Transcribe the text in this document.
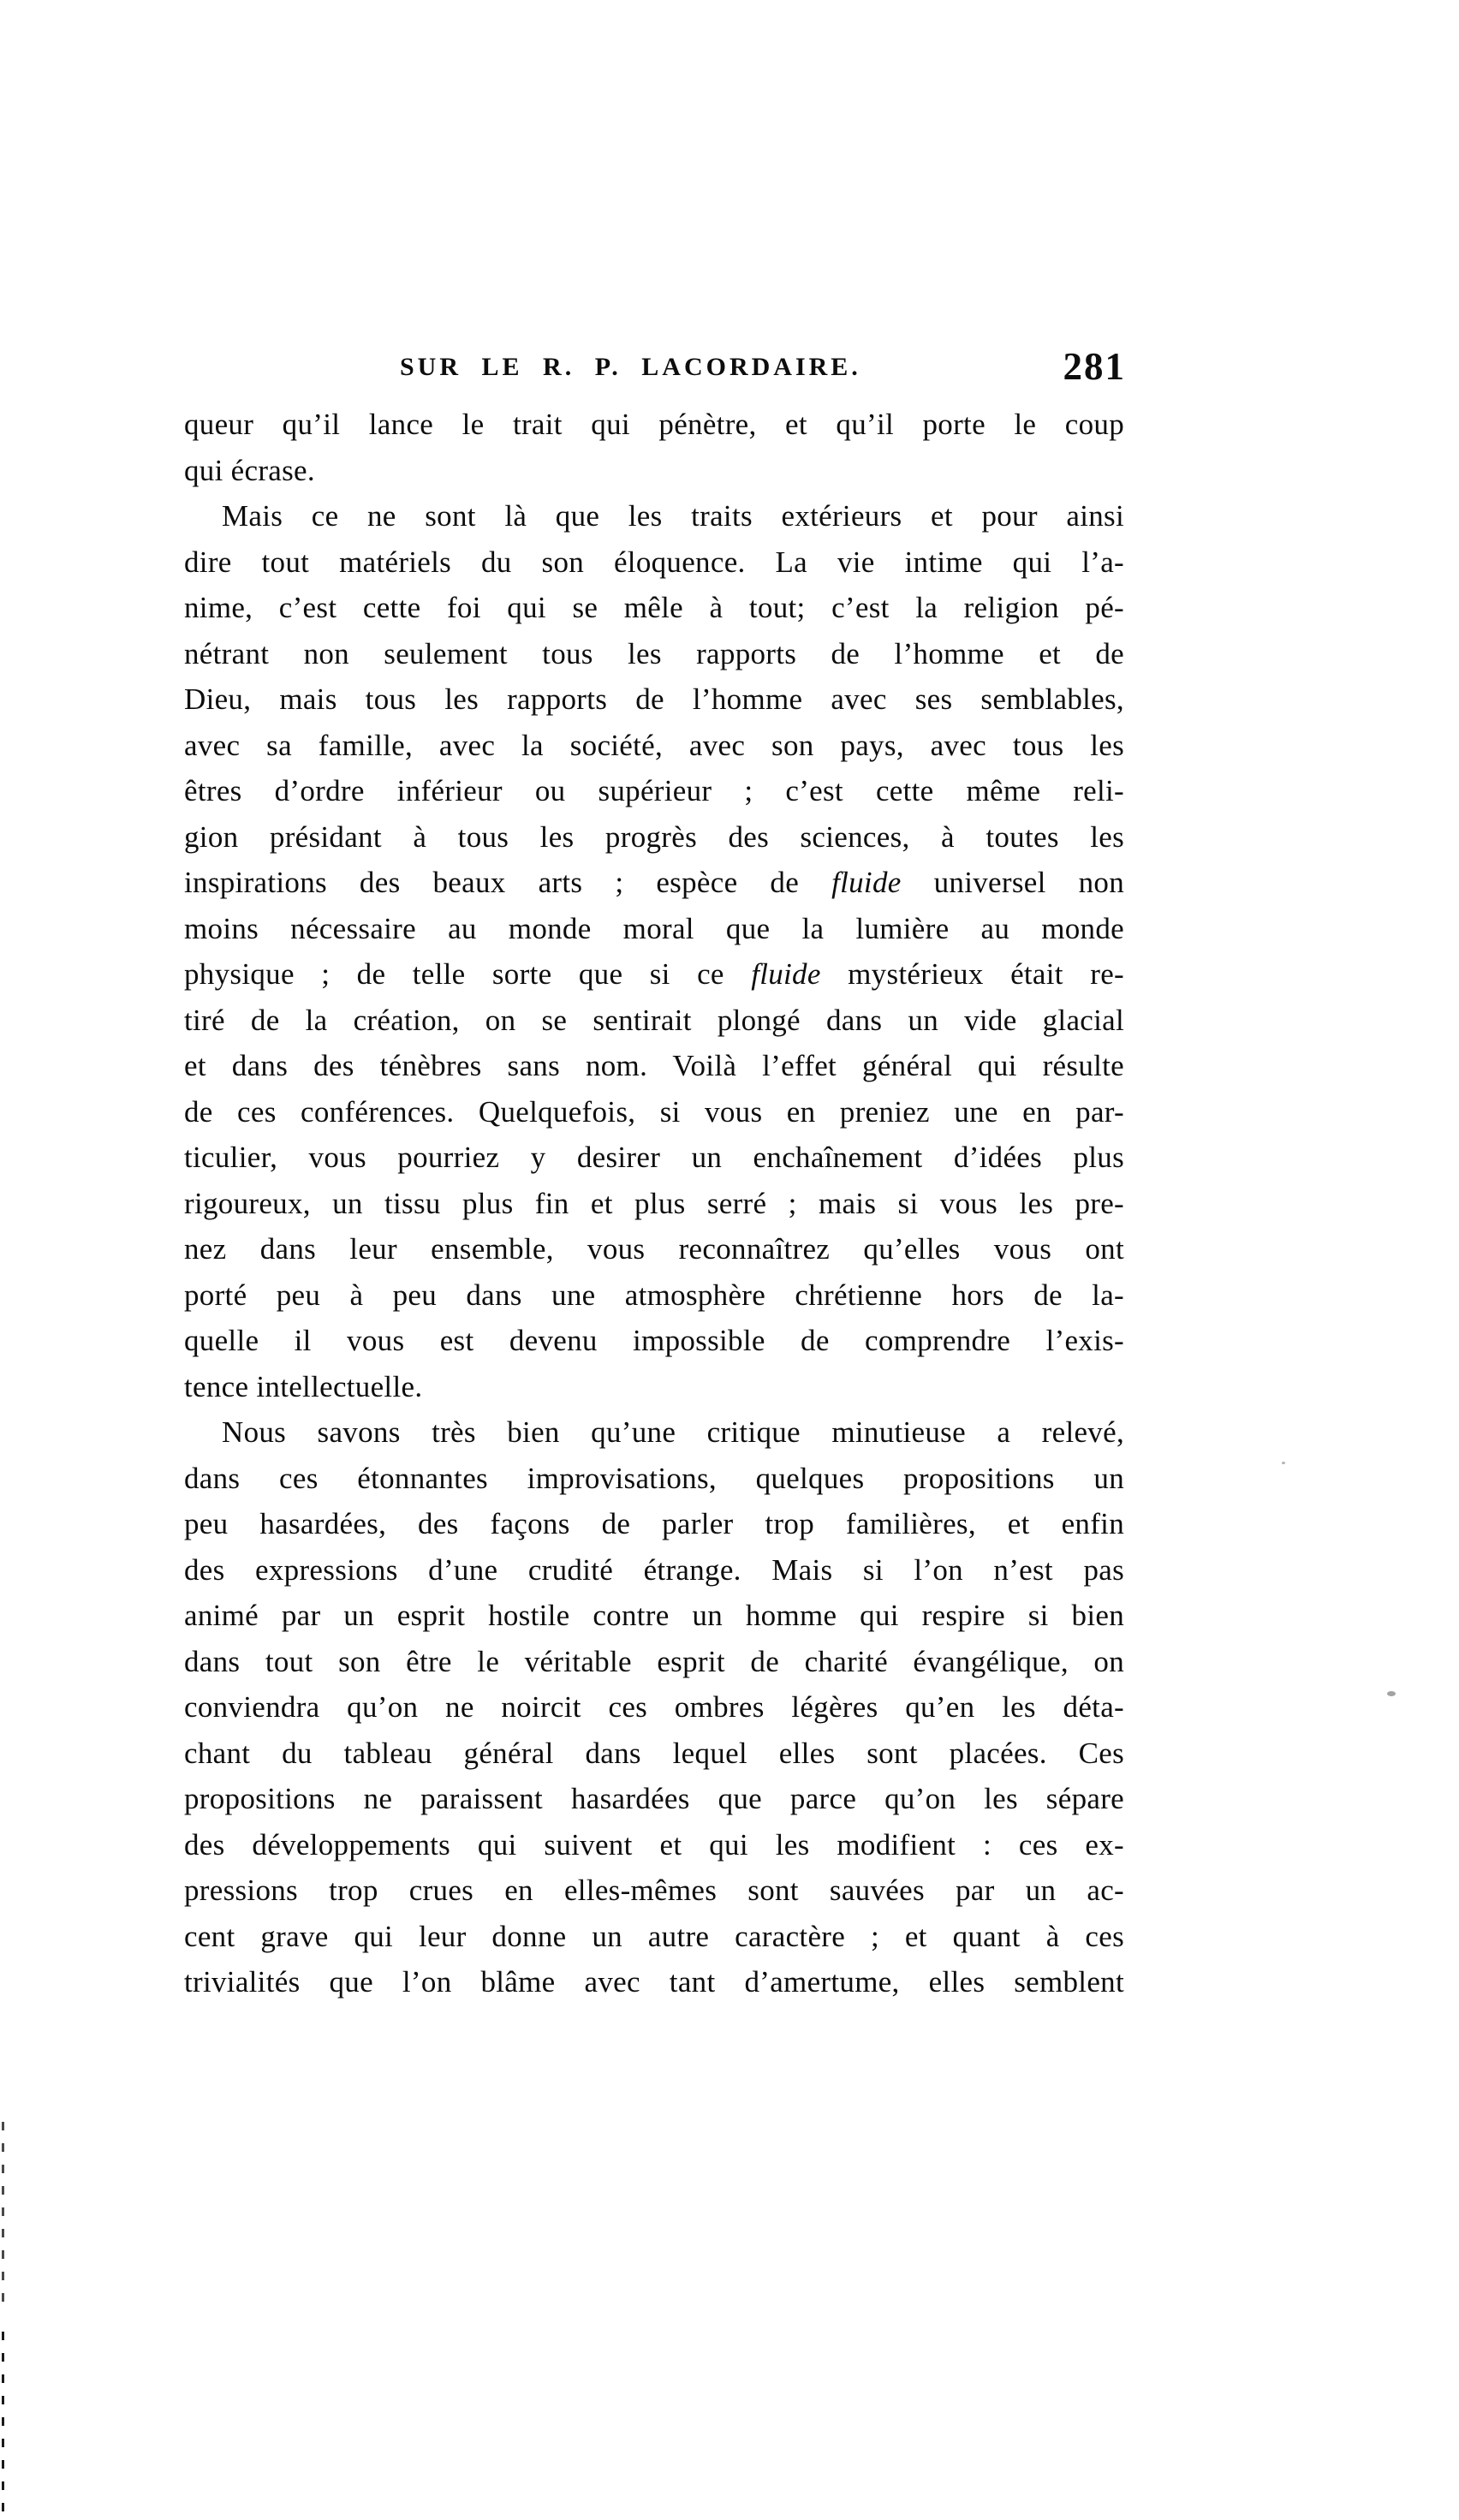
SUR LE R. P. LACORDAIRE.	281
queur qu’il lance le trait qui pénètre, et qu’il porte le coup
qui écrase.
Mais ce ne sont là que les traits extérieurs et pour ainsi
dire tout matériels du son éloquence. La vie intime qui l’a-
nime, c’est cette foi qui se mêle à tout; c’est la religion pé-
nétrant non seulement tous les rapports de l’homme et de
Dieu, mais tous les rapports de l’homme avec ses semblables,
avec sa famille, avec la société, avec son pays, avec tous les
êtres d’ordre inférieur ou supérieur ; c’est cette même reli-
gion présidant à tous les progrès des sciences, à toutes les
inspirations des beaux arts ; espèce de fluide universel non
moins nécessaire au monde moral que la lumière au monde
physique ; de telle sorte que si ce fluide mystérieux était re-
tiré de la création, on se sentirait plongé dans un vide glacial
et dans des ténèbres sans nom. Voilà l’effet général qui résulte
de ces conférences. Quelquefois, si vous en preniez une en par-
ticulier, vous pourriez y desirer un enchaînement d’idées plus
rigoureux, un tissu plus fin et plus serré ; mais si vous les pre-
nez dans leur ensemble, vous reconnaîtrez qu’elles vous ont
porté peu à peu dans une atmosphère chrétienne hors de la-
quelle il vous est devenu impossible de comprendre l’exis-
tence intellectuelle.
Nous savons très bien qu’une critique minutieuse a relevé,
dans ces étonnantes improvisations, quelques propositions un
peu hasardées, des façons de parler trop familières, et enfin
des expressions d’une crudité étrange. Mais si l’on n’est pas
animé par un esprit hostile contre un homme qui respire si bien
dans tout son être le véritable esprit de charité évangélique, on
conviendra qu’on ne noircit ces ombres légères qu’en les déta-
chant du tableau général dans lequel elles sont placées. Ces
propositions ne paraissent hasardées que parce qu’on les sépare
des développements qui suivent et qui les modifient : ces ex-
pressions trop crues en elles-mêmes sont sauvées par un ac-
cent grave qui leur donne un autre caractère ; et quant à ces
trivialités que l’on blâme avec tant d’amertume, elles semblent
